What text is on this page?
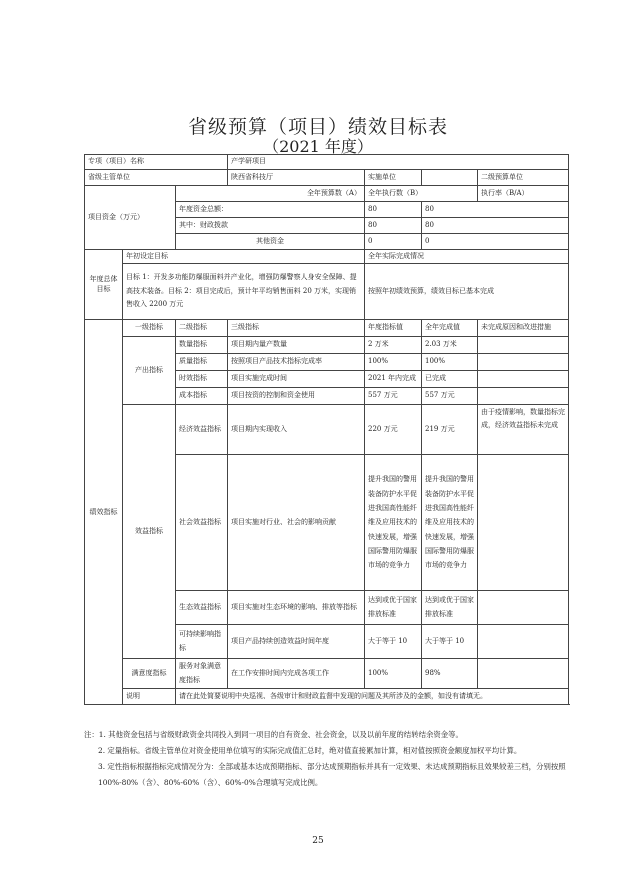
省级预算（项目）绩效目标表
（2021 年度）
专项（项目）名称			产学研项目				
省级主管单位			陕西省科技厅	实施单位		二级预算单位	
项目资金（万元）		全年预算数（A）		全年执行数（B）		执行率（B/A）	
		年度资金总额：		80	80	
		其中：财政拨款		80	80	
		其他资金		0	0	
年度总体目标	年初设定目标			全年实际完成情况			
	目标 1：开发多功能防爆服面料并产业化，增强防爆警察人身安全保障、提高技术装备。目标 2：项目完成后，预计年平均销售面料 20 万米，实现销售收入 2200 万元			按照年初绩效预算，绩效目标已基本完成			
绩效指标	一级指标	二级指标	三级指标	年度指标值	全年完成值	未完成原因和改进措施	
	产出指标	数量指标	项目期内量产数量	2 万米	2.03 万米		
		质量指标	按照项目产品技术指标完成率	100%	100%		
		时效指标	项目实施完成时间	2021 年内完成	已完成		
		成本指标	项目按资的控制和资金使用	557 万元	557 万元		
	效益指标	经济效益指标	项目期内实现收入	220 万元	219 万元	由于疫情影响，数量指标完成，经济效益指标未完成	
		社会效益指标	项目实施对行业、社会的影响贡献	提升我国的警用装备防护水平促进我国高性能纤维及应用技术的快速发展，增强国际警用防爆服市场的竞争力	提升我国的警用装备防护水平促进我国高性能纤维及应用技术的快速发展，增强国际警用防爆服市场的竞争力		
		生态效益指标	项目实施对生态环境的影响、排放等指标	达到或优于国家排放标准	达到或优于国家排放标准		
		可持续影响指标	项目产品持续创造效益时间年度	大于等于 10	大于等于 10		
	满意度指标	服务对象满意度指标	在工作安排时间内完成各项工作	100%	98%		
	说明	请在此处简要说明中央巡视、各级审计和财政监督中发现的问题及其所涉及的金额，如没有请填无。					

注：1. 其他资金包括与省级财政资金共同投入到同一项目的自有资金、社会资金，以及以前年度的结转结余资金等。

2. 定量指标。省级主管单位对资金使用单位填写的实际完成值汇总时，绝对值直接累加计算，相对值按照资金额度加权平均计算。

3. 定性指标根据指标完成情况分为：全部或基本达成预期指标、部分达成预期指标并具有一定效果、未达成预期指标且效果较差三档，分别按照 100%-80%（含）、80%-60%（含）、60%-0%合理填写完成比例。

25
